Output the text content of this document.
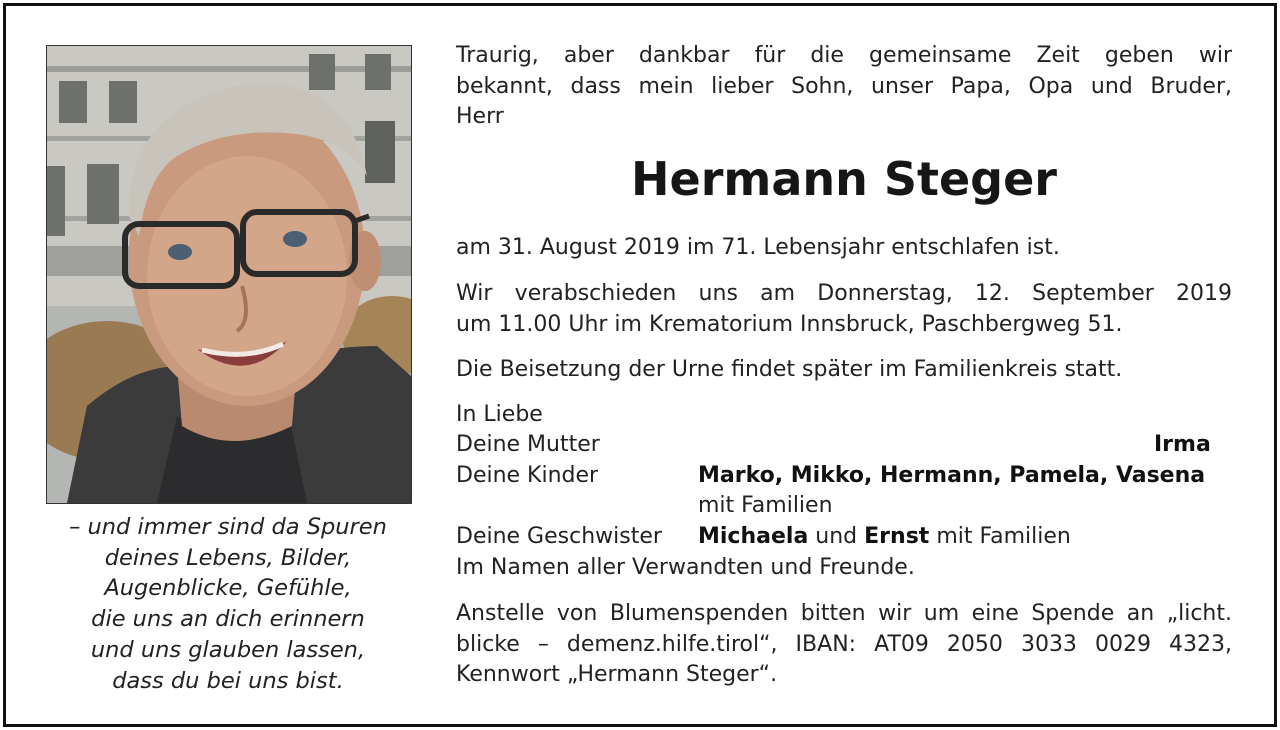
– und immer sind da Spuren
deines Lebens, Bilder,
Augenblicke, Gefühle,
die uns an dich erinnern
und uns glauben lassen,
dass du bei uns bist.
Traurig, aber dankbar für die gemeinsame Zeit geben wir
bekannt, dass mein lieber Sohn, unser Papa, Opa und Bruder,
Herr
Hermann Steger
am 31. August 2019 im 71. Lebensjahr entschlafen ist.
Wir verabschieden uns am Donnerstag, 12. September 2019
um 11.00 Uhr im Krematorium Innsbruck, Paschbergweg 51.
Die Beisetzung der Urne findet später im Familienkreis statt.
In Liebe
Deine Mutter	Irma
Deine Kinder	Marko, Mikko, Hermann, Pamela, Vasena
mit Familien
Deine Geschwister Michaela und Ernst mit Familien
Im Namen aller Verwandten und Freunde.
Anstelle von Blumenspenden bitten wir um eine Spende an „licht.
blicke – demenz.hilfe.tirol“, IBAN: AT09 2050 3033 0029 4323,
Kennwort „Hermann Steger“.
